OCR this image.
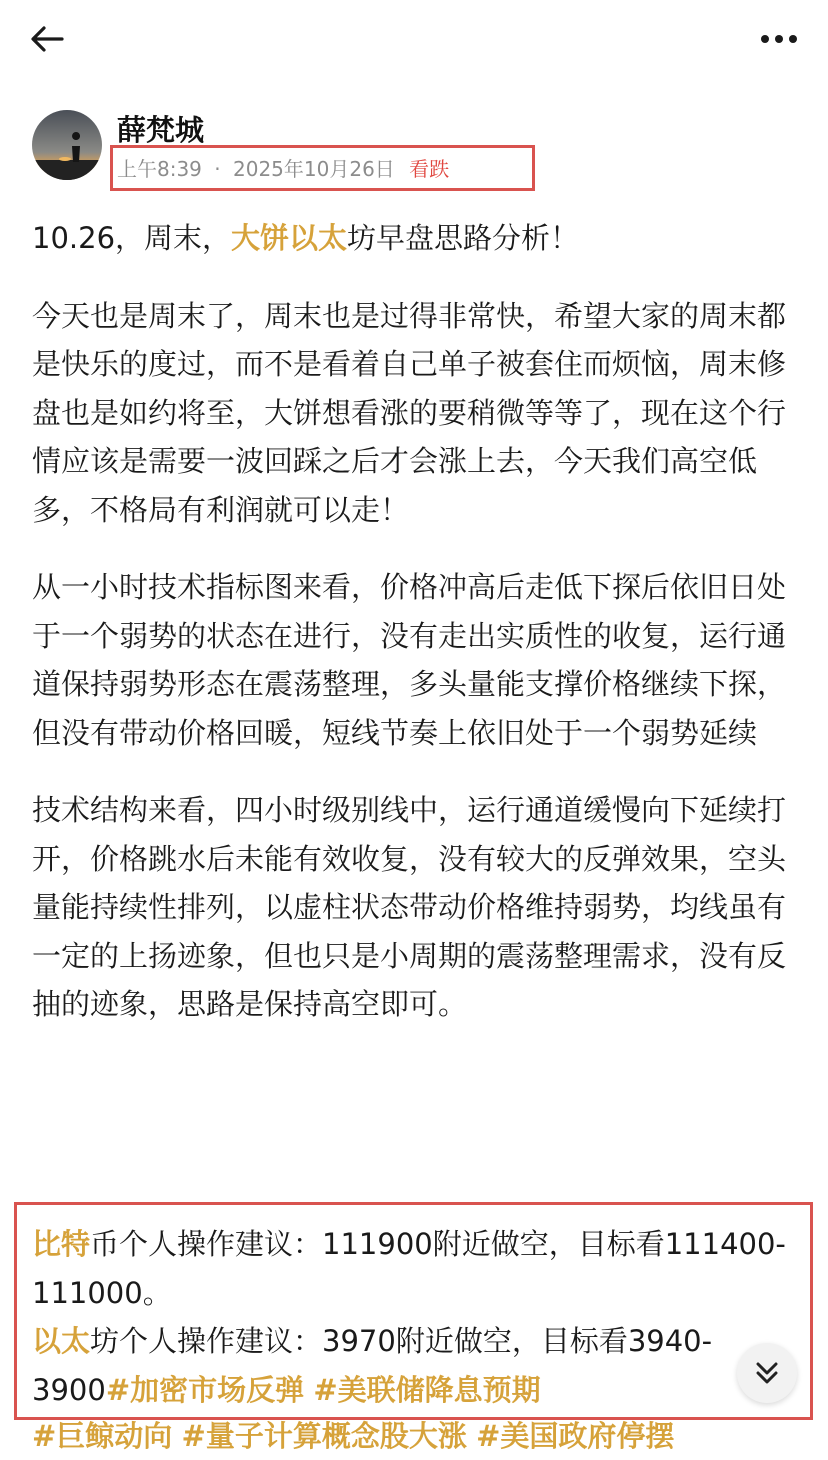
薛梵城
上午8:39 · 2025年10月26日 看跌

10.26，周末，大饼以太坊早盘思路分析！

今天也是周末了，周末也是过得非常快，希望大家的周末都是快乐的度过，而不是看着自己单子被套住而烦恼，周末修盘也是如约将至，大饼想看涨的要稍微等等了，现在这个行情应该是需要一波回踩之后才会涨上去，今天我们高空低多，不格局有利润就可以走！

从一小时技术指标图来看，价格冲高后走低下探后依旧日处于一个弱势的状态在进行，没有走出实质性的收复，运行通道保持弱势形态在震荡整理，多头量能支撑价格继续下探，但没有带动价格回暖，短线节奏上依旧处于一个弱势延续

技术结构来看，四小时级别线中，运行通道缓慢向下延续打开，价格跳水后未能有效收复，没有较大的反弹效果，空头量能持续性排列，以虚柱状态带动价格维持弱势，均线虽有一定的上扬迹象，但也只是小周期的震荡整理需求，没有反抽的迹象，思路是保持高空即可。

比特币个人操作建议：111900附近做空，目标看111400-111000。
以太坊个人操作建议：3970附近做空，目标看3940-3900#加密市场反弹 #美联储降息预期
#巨鲸动向 #量子计算概念股大涨 #美国政府停摆
